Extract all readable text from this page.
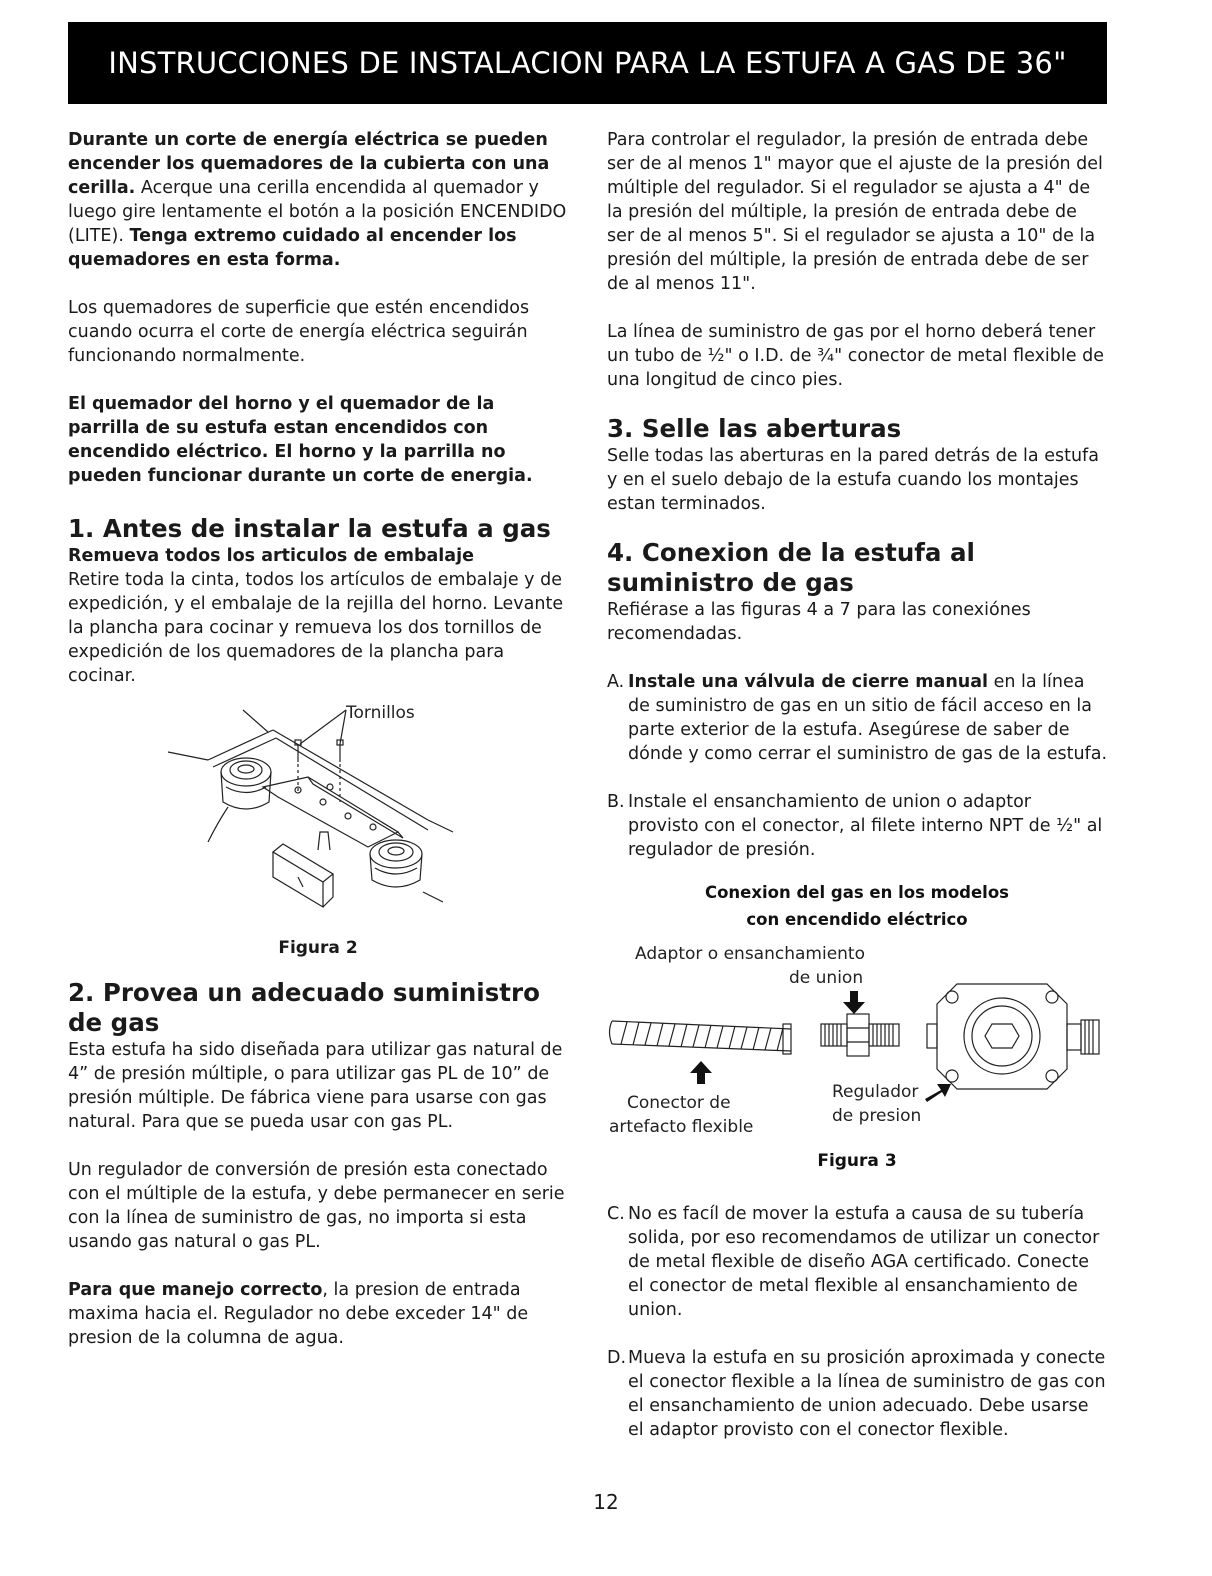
INSTRUCCIONES DE INSTALACION PARA LA ESTUFA A GAS DE 36"

Durante un corte de energía eléctrica se pueden encender los quemadores de la cubierta con una cerilla. Acerque una cerilla encendida al quemador y luego gire lentamente el botón a la posición ENCENDIDO (LITE). Tenga extremo cuidado al encender los quemadores en esta forma.

Los quemadores de superficie que estén encendidos cuando ocurra el corte de energía eléctrica seguirán funcionando normalmente.

El quemador del horno y el quemador de la parrilla de su estufa estan encendidos con encendido eléctrico. El horno y la parrilla no pueden funcionar durante un corte de energia.

1. Antes de instalar la estufa a gas
Remueva todos los articulos de embalaje

Retire toda la cinta, todos los artículos de embalaje y de expedición, y el embalaje de la rejilla del horno. Levante la plancha para cocinar y remueva los dos tornillos de expedición de los quemadores de la plancha para cocinar.

Tornillos
Figura 2
2. Provea un adecuado suministro de gas

Esta estufa ha sido diseñada para utilizar gas natural de 4” de presión múltiple, o para utilizar gas PL de 10” de presión múltiple. De fábrica viene para usarse con gas natural. Para que se pueda usar con gas PL.

Un regulador de conversión de presión esta conectado con el múltiple de la estufa, y debe permanecer en serie con la línea de suministro de gas, no importa si esta usando gas natural o gas PL.

Para que manejo correcto, la presion de entrada maxima hacia el. Regulador no debe exceder 14" de presion de la columna de agua.

Para controlar el regulador, la presión de entrada debe ser de al menos 1" mayor que el ajuste de la presión del múltiple del regulador. Si el regulador se ajusta a 4" de la presión del múltiple, la presión de entrada debe de ser de al menos 5". Si el regulador se ajusta a 10" de la presión del múltiple, la presión de entrada debe de ser de al menos 11".

La línea de suministro de gas por el horno deberá tener un tubo de ½" o I.D. de ¾" conector de metal flexible de una longitud de cinco pies.

3. Selle las aberturas

Selle todas las aberturas en la pared detrás de la estufa y en el suelo debajo de la estufa cuando los montajes estan terminados.

4. Conexion de la estufa al suministro de gas

Refiérase a las figuras 4 a 7 para las conexiónes recomendadas.

A. Instale una válvula de cierre manual en la línea de suministro de gas en un sitio de fácil acceso en la parte exterior de la estufa. Asegúrese de saber de dónde y como cerrar el suministro de gas de la estufa.
B. Instale el ensanchamiento de union o adaptor provisto con el conector, al filete interno NPT de ½" al regulador de presión.
Conexion del gas en los modelos
con encendido eléctrico
Adaptor o ensanchamiento
de union
Conector de
artefacto flexible
Regulador
de presion
Figura 3
C. No es facíl de mover la estufa a causa de su tubería solida, por eso recomendamos de utilizar un conector de metal flexible de diseño AGA certificado. Conecte el conector de metal flexible al ensanchamiento de union.
D. Mueva la estufa en su prosición aproximada y conecte el conector flexible a la línea de suministro de gas con el ensanchamiento de union adecuado. Debe usarse el adaptor provisto con el conector flexible.
12
